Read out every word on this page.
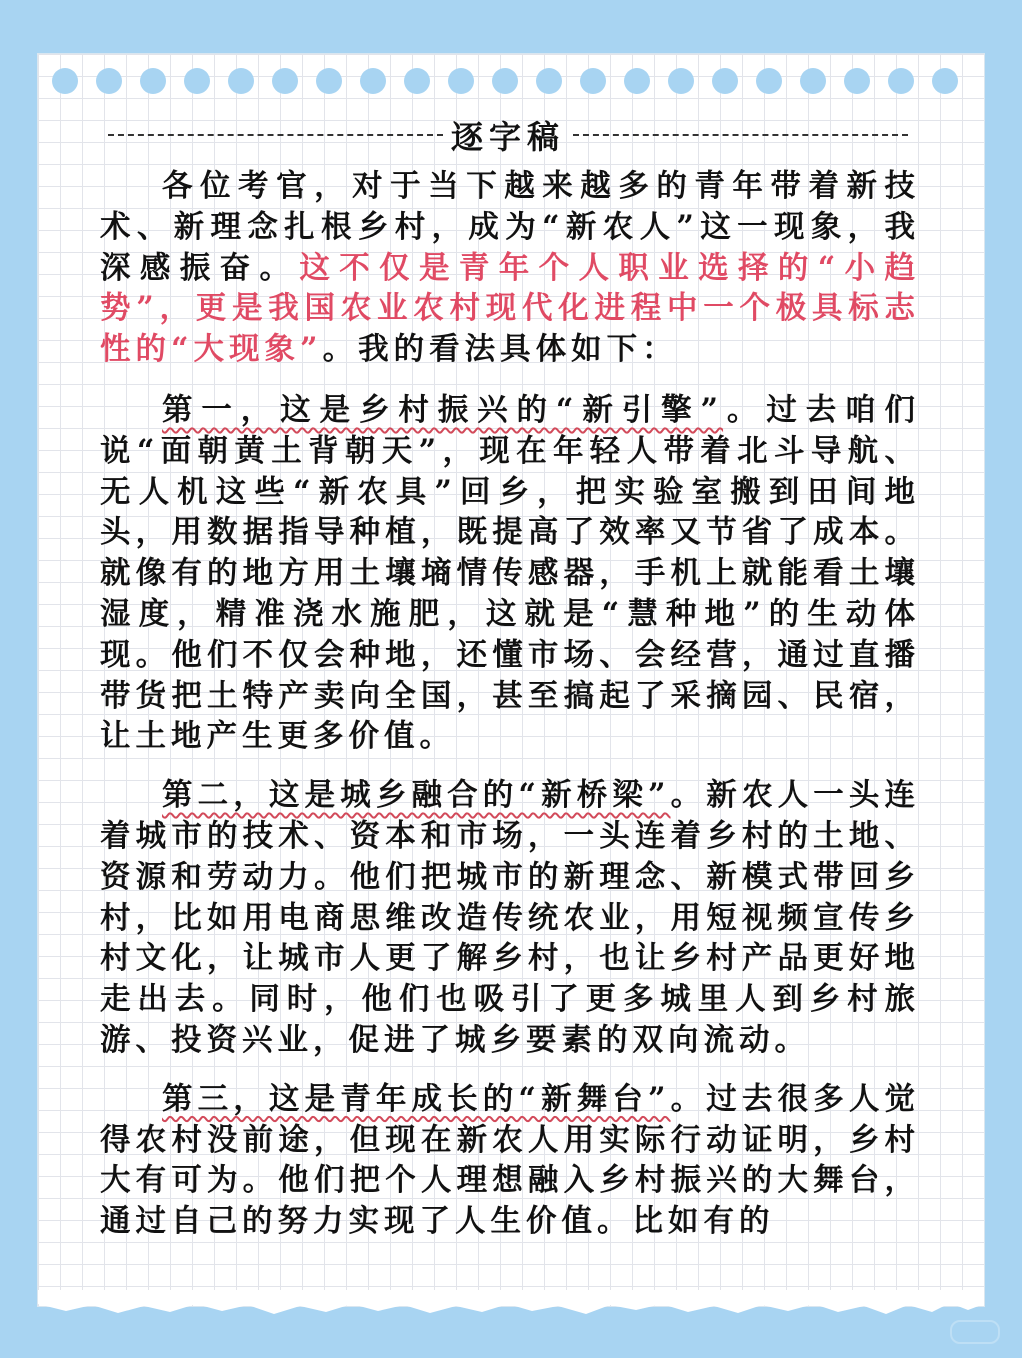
逐字稿

各位考官，对于当下越来越多的青年带着新技术、新理念扎根乡村，成为“新农人”这一现象，我深感振奋。这不仅是青年个人职业选择的“小趋势”，更是我国农业农村现代化进程中一个极具标志性的“大现象”。我的看法具体如下：

第一，这是乡村振兴的“新引擎”。过去咱们说“面朝黄土背朝天”，现在年轻人带着北斗导航、无人机这些“新农具”回乡，把实验室搬到田间地头，用数据指导种植，既提高了效率又节省了成本。就像有的地方用土壤墒情传感器，手机上就能看土壤湿度，精准浇水施肥，这就是“慧种地”的生动体现。他们不仅会种地，还懂市场、会经营，通过直播带货把土特产卖向全国，甚至搞起了采摘园、民宿，让土地产生更多价值。

第二，这是城乡融合的“新桥梁”。新农人一头连着城市的技术、资本和市场，一头连着乡村的土地、资源和劳动力。他们把城市的新理念、新模式带回乡村，比如用电商思维改造传统农业，用短视频宣传乡村文化，让城市人更了解乡村，也让乡村产品更好地走出去。同时，他们也吸引了更多城里人到乡村旅游、投资兴业，促进了城乡要素的双向流动。

第三，这是青年成长的“新舞台”。过去很多人觉得农村没前途，但现在新农人用实际行动证明，乡村大有可为。他们把个人理想融入乡村振兴的大舞台，通过自己的努力实现了人生价值。比如有的
